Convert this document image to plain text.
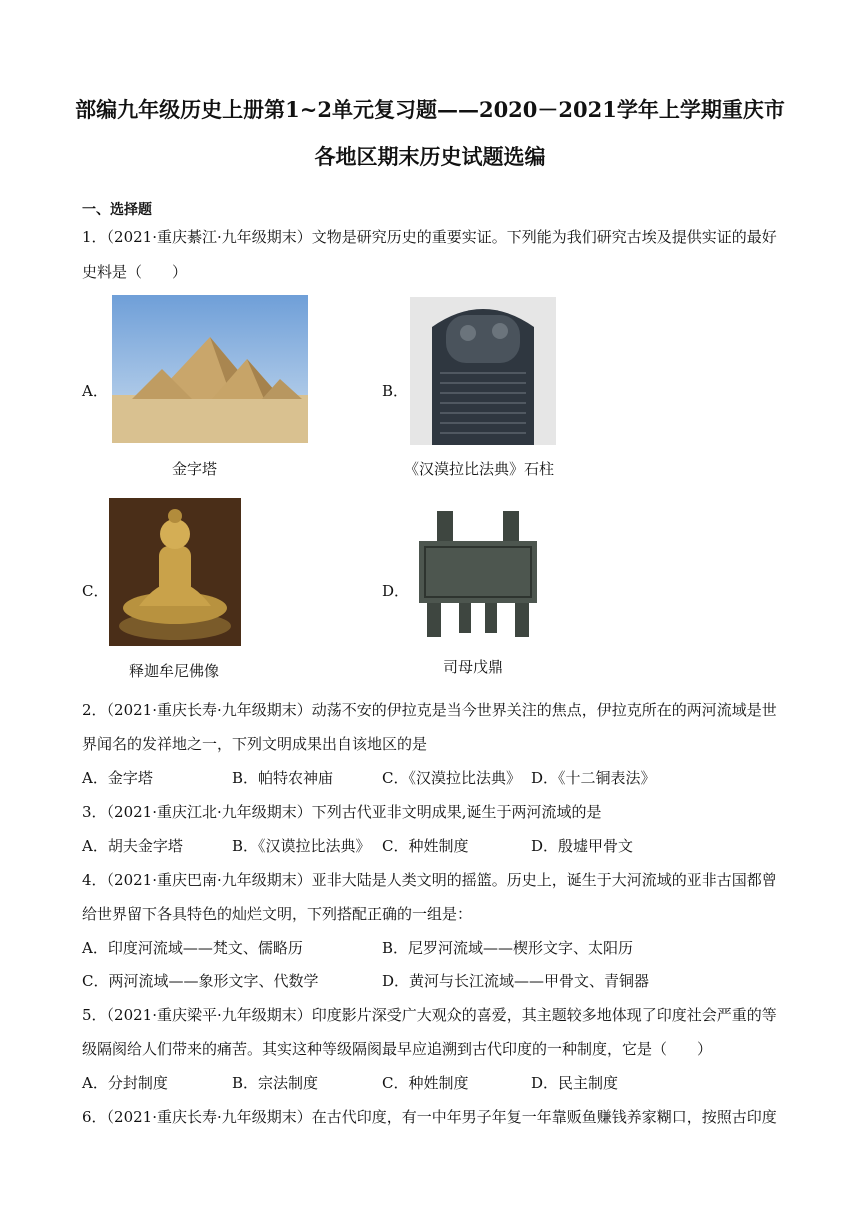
部编九年级历史上册第1~2单元复习题——2020－2021学年上学期重庆市
各地区期末历史试题选编
一、选择题
1．（2021·重庆綦江·九年级期末）文物是研究历史的重要实证。下列能为我们研究古埃及提供实证的最好
史料是（　　）
A．
金字塔
B．
《汉漠拉比法典》石柱
C．
释迦牟尼佛像
D．
司母戊鼎
2．（2021·重庆长寿·九年级期末）动荡不安的伊拉克是当今世界关注的焦点，伊拉克所在的两河流域是世
界闻名的发祥地之一，下列文明成果出自该地区的是
A．金字塔	B．帕特农神庙	C．《汉漠拉比法典》 D．《十二铜表法》
3．（2021·重庆江北·九年级期末）下列古代亚非文明成果,诞生于两河流域的是
A．胡夫金字塔	B．《汉谟拉比法典》 C．种姓制度	D．殷墟甲骨文
4．（2021·重庆巴南·九年级期末）亚非大陆是人类文明的摇篮。历史上，诞生于大河流域的亚非古国都曾
给世界留下各具特色的灿烂文明，下列搭配正确的一组是：
A．印度河流域——梵文、儒略历	B．尼罗河流域——楔形文字、太阳历
C．两河流域——象形文字、代数学	D．黄河与长江流域——甲骨文、青铜器
5．（2021·重庆梁平·九年级期末）印度影片深受广大观众的喜爱，其主题较多地体现了印度社会严重的等
级隔阂给人们带来的痛苦。其实这种等级隔阂最早应追溯到古代印度的一种制度，它是（　　）
A．分封制度	B．宗法制度	C．种姓制度	D．民主制度
6．（2021·重庆长寿·九年级期末）在古代印度，有一中年男子年复一年靠贩鱼赚钱养家糊口，按照古印度
